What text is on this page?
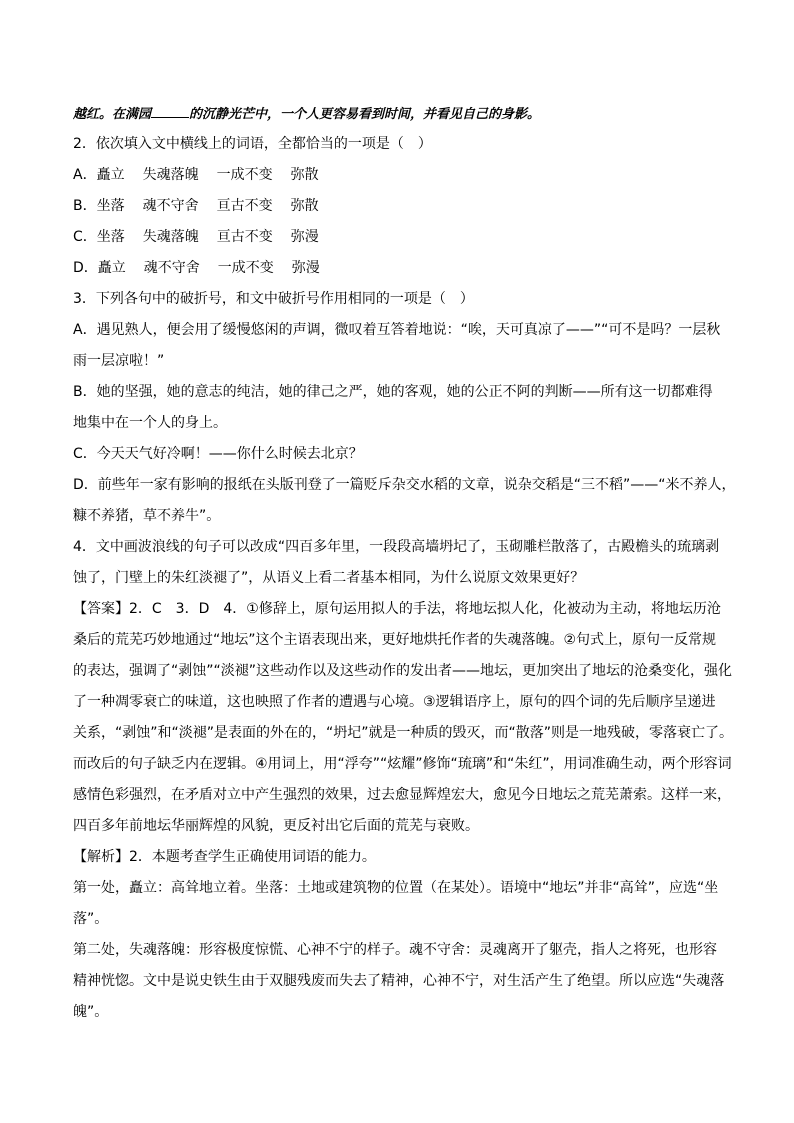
越红。在满园	的沉静光芒中，一个人更容易看到时间，并看见自己的身影。
2．依次填入文中横线上的词语，全都恰当的一项是（　）
A．矗立 失魂落魄 一成不变 弥散
B．坐落 魂不守舍 亘古不变 弥散
C．坐落 失魂落魄 亘古不变 弥漫
D．矗立 魂不守舍 一成不变 弥漫
3．下列各句中的破折号，和文中破折号作用相同的一项是（　）
A．遇见熟人，便会用了缓慢悠闲的声调，微叹着互答着地说：“唉，天可真凉了——”“可不是吗？一层秋
雨一层凉啦！”
B．她的坚强，她的意志的纯洁，她的律己之严，她的客观，她的公正不阿的判断——所有这一切都难得
地集中在一个人的身上。
C．今天天气好冷啊！——你什么时候去北京？
D．前些年一家有影响的报纸在头版刊登了一篇贬斥杂交水稻的文章，说杂交稻是“三不稻”——“米不养人，
糠不养猪，草不养牛”。
4．文中画波浪线的句子可以改成“四百多年里，一段段高墙坍圮了，玉砌雕栏散落了，古殿檐头的琉璃剥
蚀了，门壁上的朱红淡褪了”，从语义上看二者基本相同，为什么说原文效果更好？
【答案】2．C　3．D　4．①修辞上，原句运用拟人的手法，将地坛拟人化，化被动为主动，将地坛历沧
桑后的荒芜巧妙地通过“地坛”这个主语表现出来，更好地烘托作者的失魂落魄。②句式上，原句一反常规
的表达，强调了“剥蚀”“淡褪”这些动作以及这些动作的发出者——地坛，更加突出了地坛的沧桑变化，强化
了一种凋零衰亡的味道，这也映照了作者的遭遇与心境。③逻辑语序上，原句的四个词的先后顺序呈递进
关系，“剥蚀”和“淡褪”是表面的外在的，“坍圮”就是一种质的毁灭，而“散落”则是一地残破，零落衰亡了。
而改后的句子缺乏内在逻辑。④用词上，用“浮夸”“炫耀”修饰“琉璃”和“朱红”，用词准确生动，两个形容词
感情色彩强烈，在矛盾对立中产生强烈的效果，过去愈显辉煌宏大，愈见今日地坛之荒芜萧索。这样一来，
四百多年前地坛华丽辉煌的风貌，更反衬出它后面的荒芜与衰败。
【解析】2．本题考查学生正确使用词语的能力。
第一处，矗立：高耸地立着。坐落：土地或建筑物的位置（在某处）。语境中“地坛”并非“高耸”，应选“坐
落”。
第二处，失魂落魄：形容极度惊慌、心神不宁的样子。魂不守舍：灵魂离开了躯壳，指人之将死，也形容
精神恍惚。文中是说史铁生由于双腿残废而失去了精神，心神不宁，对生活产生了绝望。所以应选“失魂落
魄”。
